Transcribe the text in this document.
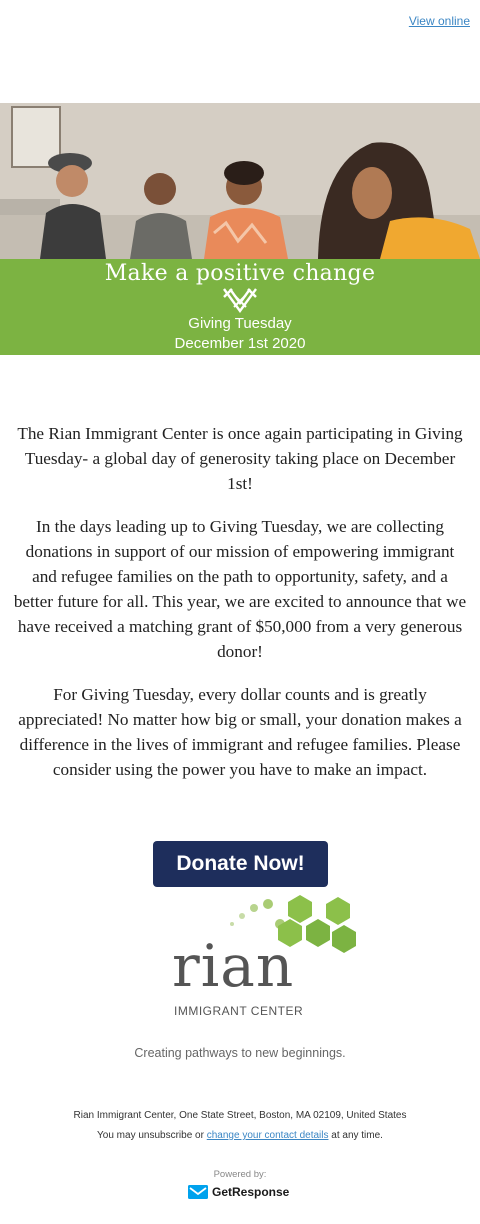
View online
Make a positive change
Giving Tuesday
December 1st 2020

The Rian Immigrant Center is once again participating in Giving Tuesday- a global day of generosity taking place on December 1st!

In the days leading up to Giving Tuesday, we are collecting donations in support of our mission of empowering immigrant and refugee families on the path to opportunity, safety, and a better future for all. This year, we are excited to announce that we have received a matching grant of $50,000 from a very generous donor!

For Giving Tuesday, every dollar counts and is greatly appreciated! No matter how big or small, your donation makes a difference in the lives of immigrant and refugee families. Please consider using the power you have to make an impact.

Donate Now!
rian
IMMIGRANT CENTER
Creating pathways to new beginnings.
Rian Immigrant Center, One State Street, Boston, MA 02109, United States
You may unsubscribe or change your contact details at any time.
Powered by:
GetResponse
